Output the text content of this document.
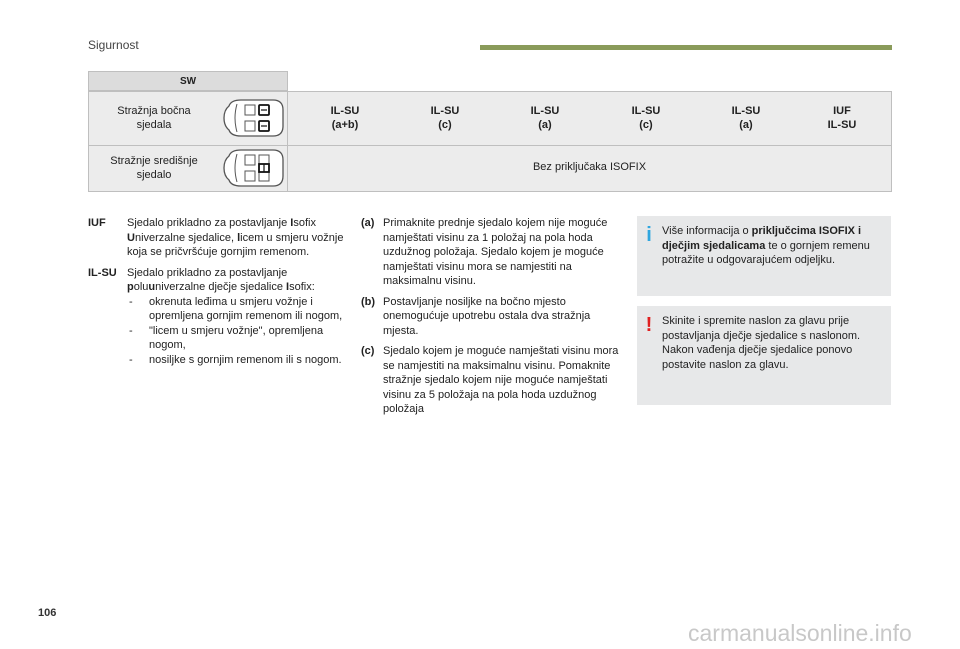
Sigurnost
SW
Stražnja bočna
sjedala
IL-SU
(a+b)
IL-SU
(c)
IL-SU
(a)
IL-SU
(c)
IL-SU
(a)
IUF
IL-SU
Stražnje središnje
sjedalo
Bez priključaka ISOFIX
IUF Sjedalo prikladno za postavljanje Isofix Univerzalne sjedalice, licem u smjeru vožnje koja se pričvršćuje gornjim remenom.
IL-SU Sjedalo prikladno za postavljanje poluuniverzalne dječje sjedalice Isofix:
- okrenuta leđima u smjeru vožnje i opremljena gornjim remenom ili nogom,
- "licem u smjeru vožnje", opremljena nogom,
- nosiljke s gornjim remenom ili s nogom.
(a) Primaknite prednje sjedalo kojem nije moguće namještati visinu za 1 položaj na pola hoda uzdužnog položaja. Sjedalo kojem je moguće namještati visinu mora se namjestiti na maksimalnu visinu.
(b) Postavljanje nosiljke na bočno mjesto onemogućuje upotrebu ostala dva stražnja mjesta.
(c) Sjedalo kojem je moguće namještati visinu mora se namjestiti na maksimalnu visinu. Pomaknite stražnje sjedalo kojem nije moguće namještati visinu za 5 položaja na pola hoda uzdužnog položaja
i Više informacija o priključcima ISOFIX i dječjim sjedalicama te o gornjem remenu potražite u odgovarajućem odjeljku.
! Skinite i spremite naslon za glavu prije postavljanja dječje sjedalice s naslonom. Nakon vađenja dječje sjedalice ponovo postavite naslon za glavu.
106
carmanualsonline.info
